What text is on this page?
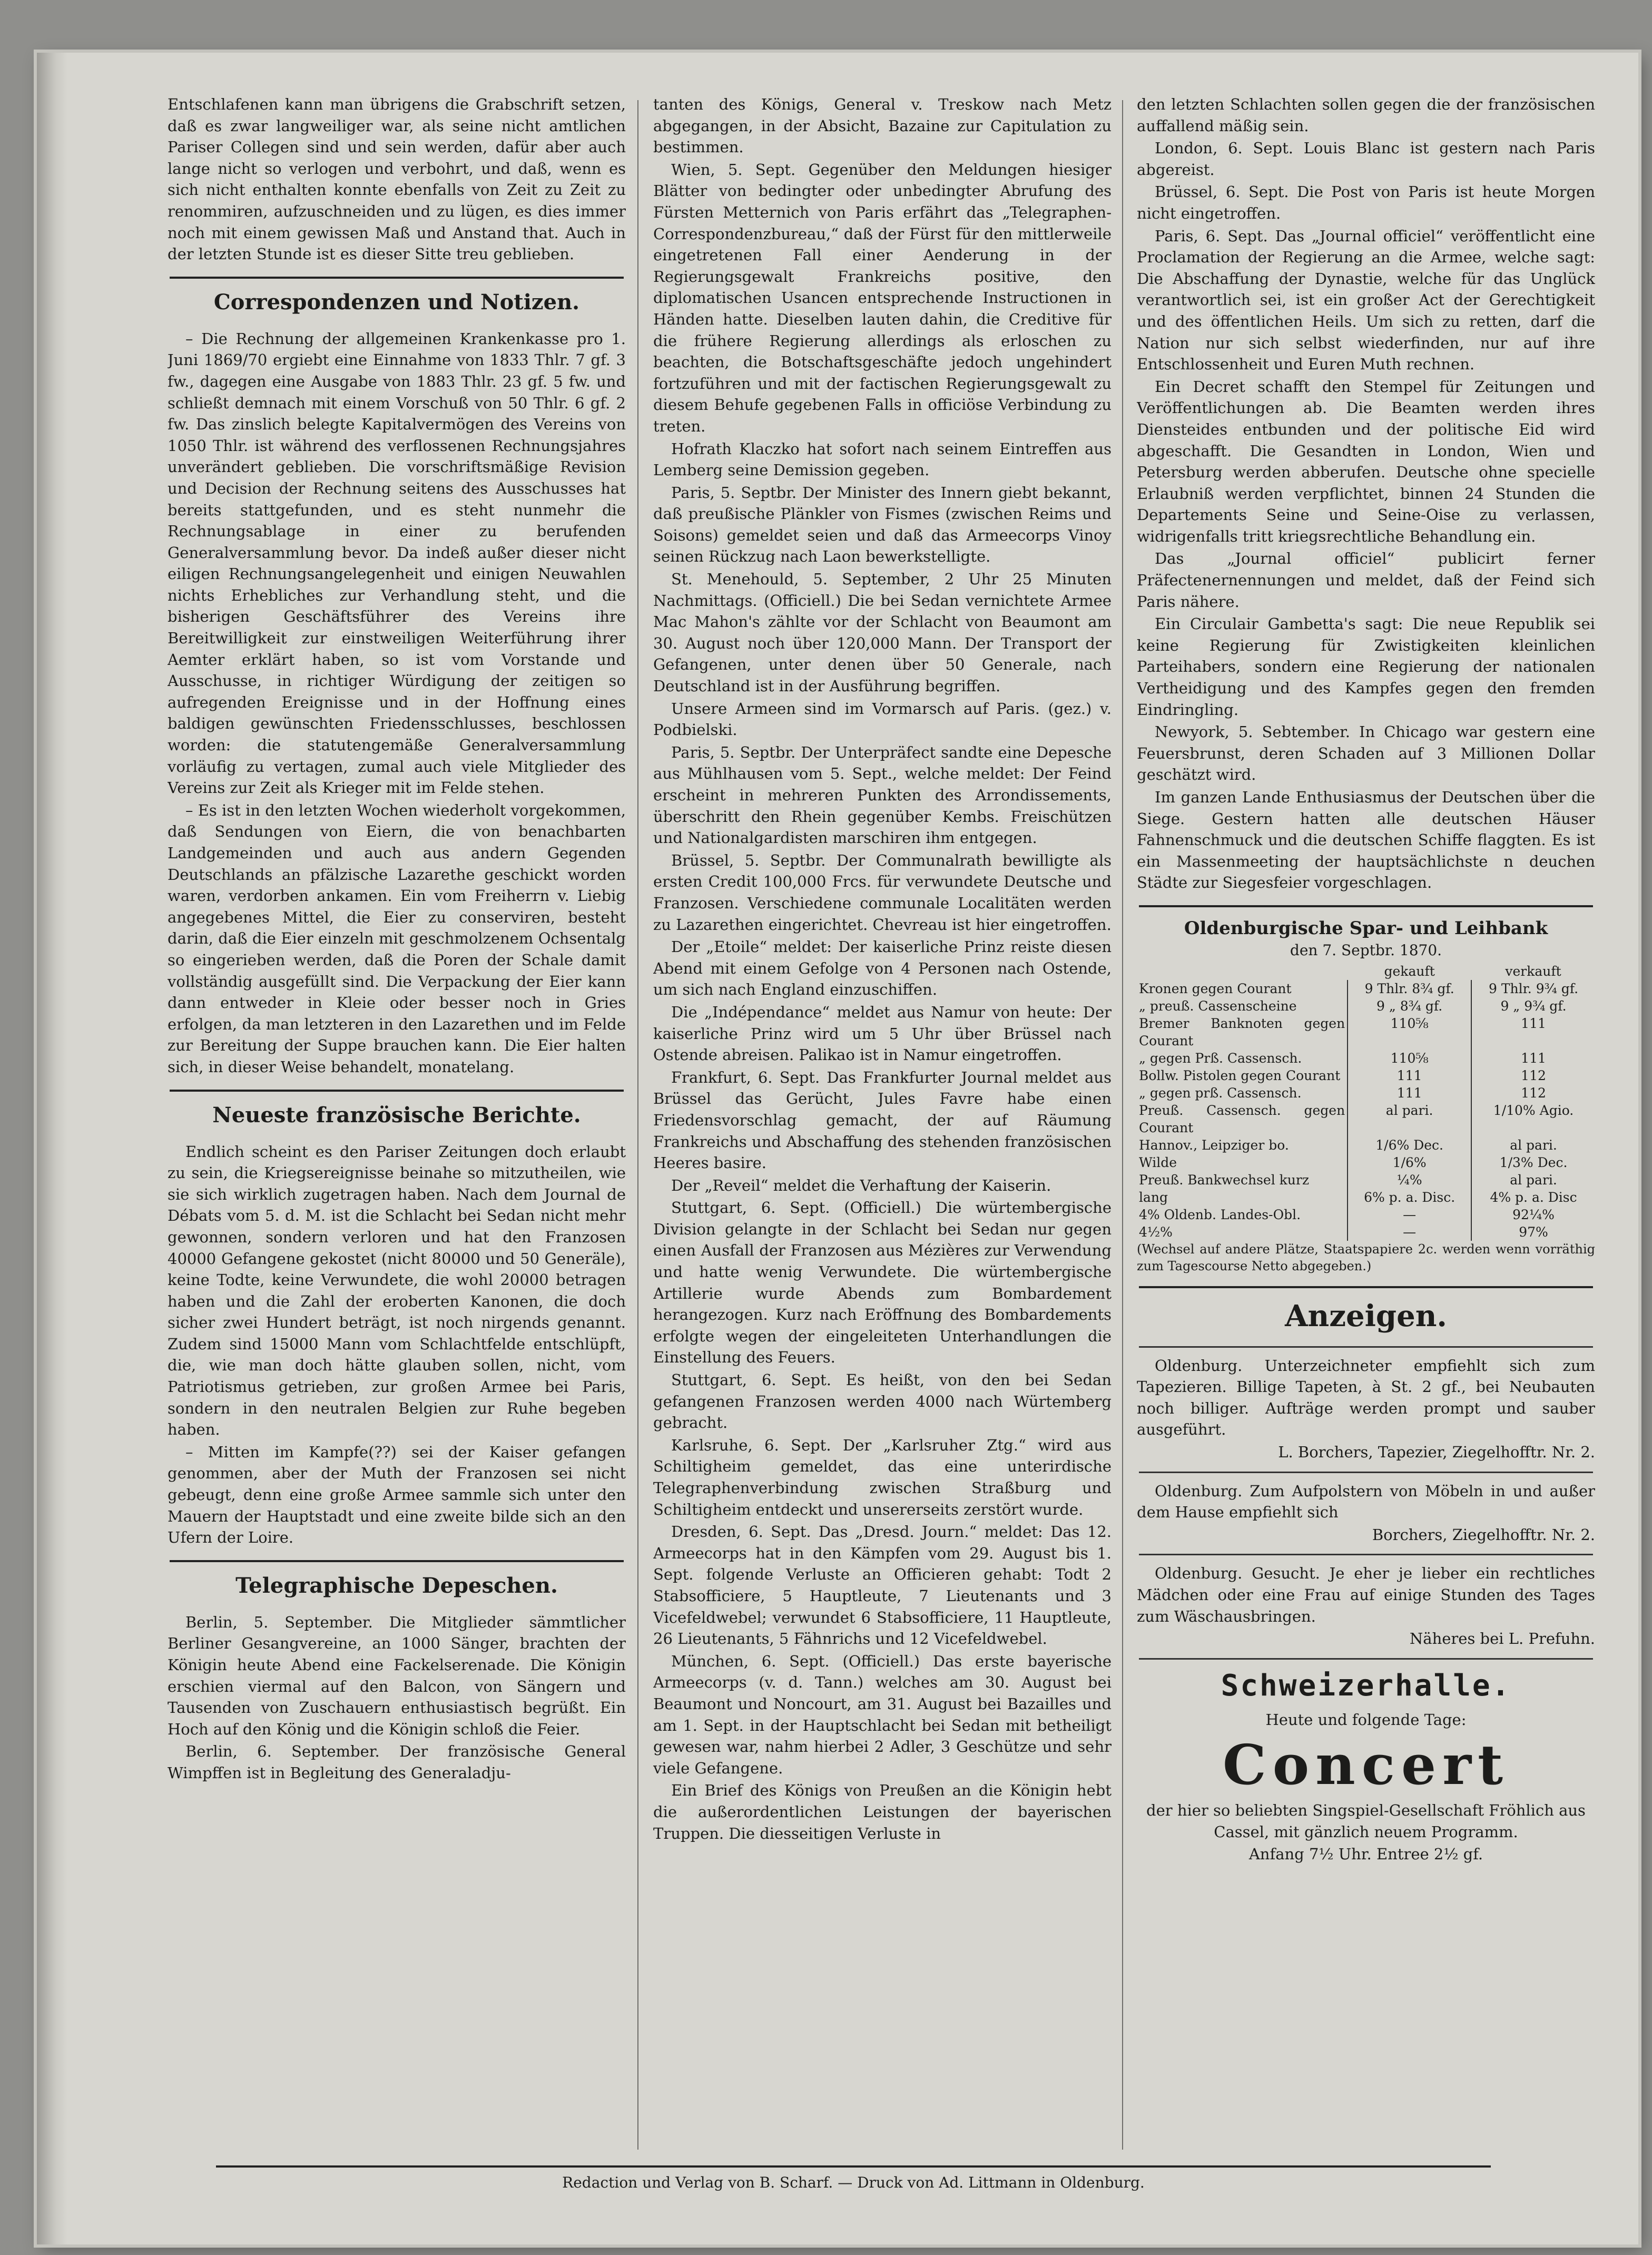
Entschlafenen kann man übrigens die Grabschrift setzen, daß es zwar langweiliger war, als seine nicht amtlichen Pariser Collegen sind und sein werden, dafür aber auch lange nicht so verlogen und verbohrt, und daß, wenn es sich nicht enthalten konnte ebenfalls von Zeit zu Zeit zu renommiren, aufzuschneiden und zu lügen, es dies immer noch mit einem gewissen Maß und Anstand that. Auch in der letzten Stunde ist es dieser Sitte treu geblieben.

Correspondenzen und Notizen.

– Die Rechnung der allgemeinen Krankenkasse pro 1. Juni 1869/70 ergiebt eine Einnahme von 1833 Thlr. 7 gf. 3 fw., dagegen eine Ausgabe von 1883 Thlr. 23 gf. 5 fw. und schließt demnach mit einem Vorschuß von 50 Thlr. 6 gf. 2 fw. Das zinslich belegte Kapitalvermögen des Vereins von 1050 Thlr. ist während des verflossenen Rechnungsjahres unverändert geblieben. Die vorschriftsmäßige Revision und Decision der Rechnung seitens des Ausschusses hat bereits stattgefunden, und es steht nunmehr die Rechnungsablage in einer zu berufenden Generalversammlung bevor. Da indeß außer dieser nicht eiligen Rechnungsangelegenheit und einigen Neuwahlen nichts Erhebliches zur Verhandlung steht, und die bisherigen Geschäftsführer des Vereins ihre Bereitwilligkeit zur einstweiligen Weiterführung ihrer Aemter erklärt haben, so ist vom Vorstande und Ausschusse, in richtiger Würdigung der zeitigen so aufregenden Ereignisse und in der Hoffnung eines baldigen gewünschten Friedensschlusses, beschlossen worden: die statutengemäße Generalversammlung vorläufig zu vertagen, zumal auch viele Mitglieder des Vereins zur Zeit als Krieger mit im Felde stehen.

– Es ist in den letzten Wochen wiederholt vorgekommen, daß Sendungen von Eiern, die von benachbarten Landgemeinden und auch aus andern Gegenden Deutschlands an pfälzische Lazarethe geschickt worden waren, verdorben ankamen. Ein vom Freiherrn v. Liebig angegebenes Mittel, die Eier zu conserviren, besteht darin, daß die Eier einzeln mit geschmolzenem Ochsentalg so eingerieben werden, daß die Poren der Schale damit vollständig ausgefüllt sind. Die Verpackung der Eier kann dann entweder in Kleie oder besser noch in Gries erfolgen, da man letzteren in den Lazarethen und im Felde zur Bereitung der Suppe brauchen kann. Die Eier halten sich, in dieser Weise behandelt, monatelang.

Neueste französische Berichte.

Endlich scheint es den Pariser Zeitungen doch erlaubt zu sein, die Kriegsereignisse beinahe so mitzutheilen, wie sie sich wirklich zugetragen haben. Nach dem Journal de Débats vom 5. d. M. ist die Schlacht bei Sedan nicht mehr gewonnen, sondern verloren und hat den Franzosen 40000 Gefangene gekostet (nicht 80000 und 50 Generäle), keine Todte, keine Verwundete, die wohl 20000 betragen haben und die Zahl der eroberten Kanonen, die doch sicher zwei Hundert beträgt, ist noch nirgends genannt. Zudem sind 15000 Mann vom Schlachtfelde entschlüpft, die, wie man doch hätte glauben sollen, nicht, vom Patriotismus getrieben, zur großen Armee bei Paris, sondern in den neutralen Belgien zur Ruhe begeben haben.

– Mitten im Kampfe(??) sei der Kaiser gefangen genommen, aber der Muth der Franzosen sei nicht gebeugt, denn eine große Armee sammle sich unter den Mauern der Hauptstadt und eine zweite bilde sich an den Ufern der Loire.

Telegraphische Depeschen.

Berlin, 5. September. Die Mitglieder sämmtlicher Berliner Gesangvereine, an 1000 Sänger, brachten der Königin heute Abend eine Fackelserenade. Die Königin erschien viermal auf den Balcon, von Sängern und Tausenden von Zuschauern enthusiastisch begrüßt. Ein Hoch auf den König und die Königin schloß die Feier.

Berlin, 6. September. Der französische General Wimpffen ist in Begleitung des Generaladju-

tanten des Königs, General v. Treskow nach Metz abgegangen, in der Absicht, Bazaine zur Capitulation zu bestimmen.

Wien, 5. Sept. Gegenüber den Meldungen hiesiger Blätter von bedingter oder unbedingter Abrufung des Fürsten Metternich von Paris erfährt das „Telegraphen-Correspondenzbureau,“ daß der Fürst für den mittlerweile eingetretenen Fall einer Aenderung in der Regierungsgewalt Frankreichs positive, den diplomatischen Usancen entsprechende Instructionen in Händen hatte. Dieselben lauten dahin, die Creditive für die frühere Regierung allerdings als erloschen zu beachten, die Botschaftsgeschäfte jedoch ungehindert fortzuführen und mit der factischen Regierungsgewalt zu diesem Behufe gegebenen Falls in officiöse Verbindung zu treten.

Hofrath Klaczko hat sofort nach seinem Eintreffen aus Lemberg seine Demission gegeben.

Paris, 5. Septbr. Der Minister des Innern giebt bekannt, daß preußische Plänkler von Fismes (zwischen Reims und Soisons) gemeldet seien und daß das Armeecorps Vinoy seinen Rückzug nach Laon bewerkstelligte.

St. Menehould, 5. September, 2 Uhr 25 Minuten Nachmittags. (Officiell.) Die bei Sedan vernichtete Armee Mac Mahon's zählte vor der Schlacht von Beaumont am 30. August noch über 120,000 Mann. Der Transport der Gefangenen, unter denen über 50 Generale, nach Deutschland ist in der Ausführung begriffen.

Unsere Armeen sind im Vormarsch auf Paris. (gez.) v. Podbielski.

Paris, 5. Septbr. Der Unterpräfect sandte eine Depesche aus Mühlhausen vom 5. Sept., welche meldet: Der Feind erscheint in mehreren Punkten des Arrondissements, überschritt den Rhein gegenüber Kembs. Freischützen und Nationalgardisten marschiren ihm entgegen.

Brüssel, 5. Septbr. Der Communalrath bewilligte als ersten Credit 100,000 Frcs. für verwundete Deutsche und Franzosen. Verschiedene communale Localitäten werden zu Lazarethen eingerichtet. Chevreau ist hier eingetroffen.

Der „Etoile“ meldet: Der kaiserliche Prinz reiste diesen Abend mit einem Gefolge von 4 Personen nach Ostende, um sich nach England einzuschiffen.

Die „Indépendance“ meldet aus Namur von heute: Der kaiserliche Prinz wird um 5 Uhr über Brüssel nach Ostende abreisen. Palikao ist in Namur eingetroffen.

Frankfurt, 6. Sept. Das Frankfurter Journal meldet aus Brüssel das Gerücht, Jules Favre habe einen Friedensvorschlag gemacht, der auf Räumung Frankreichs und Abschaffung des stehenden französischen Heeres basire.

Der „Reveil“ meldet die Verhaftung der Kaiserin.

Stuttgart, 6. Sept. (Officiell.) Die würtembergische Division gelangte in der Schlacht bei Sedan nur gegen einen Ausfall der Franzosen aus Mézières zur Verwendung und hatte wenig Verwundete. Die würtembergische Artillerie wurde Abends zum Bombardement herangezogen. Kurz nach Eröffnung des Bombardements erfolgte wegen der eingeleiteten Unterhandlungen die Einstellung des Feuers.

Stuttgart, 6. Sept. Es heißt, von den bei Sedan gefangenen Franzosen werden 4000 nach Würtemberg gebracht.

Karlsruhe, 6. Sept. Der „Karlsruher Ztg.“ wird aus Schiltigheim gemeldet, das eine unterirdische Telegraphenverbindung zwischen Straßburg und Schiltigheim entdeckt und unsererseits zerstört wurde.

Dresden, 6. Sept. Das „Dresd. Journ.“ meldet: Das 12. Armeecorps hat in den Kämpfen vom 29. August bis 1. Sept. folgende Verluste an Officieren gehabt: Todt 2 Stabsofficiere, 5 Hauptleute, 7 Lieutenants und 3 Vicefeldwebel; verwundet 6 Stabsofficiere, 11 Hauptleute, 26 Lieutenants, 5 Fähnrichs und 12 Vicefeldwebel.

München, 6. Sept. (Officiell.) Das erste bayerische Armeecorps (v. d. Tann.) welches am 30. August bei Beaumont und Noncourt, am 31. August bei Bazailles und am 1. Sept. in der Hauptschlacht bei Sedan mit betheiligt gewesen war, nahm hierbei 2 Adler, 3 Geschütze und sehr viele Gefangene.

Ein Brief des Königs von Preußen an die Königin hebt die außerordentlichen Leistungen der bayerischen Truppen. Die diesseitigen Verluste in

den letzten Schlachten sollen gegen die der französischen auffallend mäßig sein.

London, 6. Sept. Louis Blanc ist gestern nach Paris abgereist.

Brüssel, 6. Sept. Die Post von Paris ist heute Morgen nicht eingetroffen.

Paris, 6. Sept. Das „Journal officiel“ veröffentlicht eine Proclamation der Regierung an die Armee, welche sagt: Die Abschaffung der Dynastie, welche für das Unglück verantwortlich sei, ist ein großer Act der Gerechtigkeit und des öffentlichen Heils. Um sich zu retten, darf die Nation nur sich selbst wiederfinden, nur auf ihre Entschlossenheit und Euren Muth rechnen.

Ein Decret schafft den Stempel für Zeitungen und Veröffentlichungen ab. Die Beamten werden ihres Diensteides entbunden und der politische Eid wird abgeschafft. Die Gesandten in London, Wien und Petersburg werden abberufen. Deutsche ohne specielle Erlaubniß werden verpflichtet, binnen 24 Stunden die Departements Seine und Seine-Oise zu verlassen, widrigenfalls tritt kriegsrechtliche Behandlung ein.

Das „Journal officiel“ publicirt ferner Präfectenernennungen und meldet, daß der Feind sich Paris nähere.

Ein Circulair Gambetta's sagt: Die neue Republik sei keine Regierung für Zwistigkeiten kleinlichen Parteihabers, sondern eine Regierung der nationalen Vertheidigung und des Kampfes gegen den fremden Eindringling.

Newyork, 5. Sebtember. In Chicago war gestern eine Feuersbrunst, deren Schaden auf 3 Millionen Dollar geschätzt wird.

Im ganzen Lande Enthusiasmus der Deutschen über die Siege. Gestern hatten alle deutschen Häuser Fahnenschmuck und die deutschen Schiffe flaggten. Es ist ein Massenmeeting der hauptsächlichste n deuchen Städte zur Siegesfeier vorgeschlagen.

Oldenburgische Spar- und Leihbank

den 7. Septbr. 1870.

	gekauft	verkauft
Kronen gegen Courant	9 Thlr. 8¾ gf.	9 Thlr. 9¾ gf.
„ preuß. Cassenscheine	9 „ 8¾ gf.	9 „ 9¾ gf.
Bremer Banknoten gegen Courant	110⅝	111
„ gegen Prß. Cassensch.	110⅝	111
Bollw. Pistolen gegen Courant	111	112
„ gegen prß. Cassensch.	111	112
Preuß. Cassensch. gegen Courant	al pari.	1/10% Agio.
Hannov., Leipziger bo.	1/6% Dec.	al pari.
Wilde	1/6%	1/3% Dec.
Preuß. Bankwechsel kurz	¼%	al pari.
lang	6% p. a. Disc.	4% p. a. Disc
4% Oldenb. Landes-Obl.	—	92¼%
4½%	—	97%

(Wechsel auf andere Plätze, Staatspapiere 2c. werden wenn vorräthig zum Tagescourse Netto abgegeben.)

Anzeigen.

Oldenburg. Unterzeichneter empfiehlt sich zum Tapezieren. Billige Tapeten, à St. 2 gf., bei Neubauten noch billiger. Aufträge werden prompt und sauber ausgeführt.

L. Borchers, Tapezier, Ziegelhofftr. Nr. 2.

Oldenburg. Zum Aufpolstern von Möbeln in und außer dem Hause empfiehlt sich

Borchers, Ziegelhofftr. Nr. 2.

Oldenburg. Gesucht. Je eher je lieber ein rechtliches Mädchen oder eine Frau auf einige Stunden des Tages zum Wäschausbringen.

Näheres bei L. Prefuhn.

Schweizerhalle.

Heute und folgende Tage:

Concert

der hier so beliebten Singspiel-Gesellschaft Fröhlich aus Cassel, mit gänzlich neuem Programm.

Anfang 7½ Uhr. Entree 2½ gf.

Redaction und Verlag von B. Scharf. — Druck von Ad. Littmann in Oldenburg.
